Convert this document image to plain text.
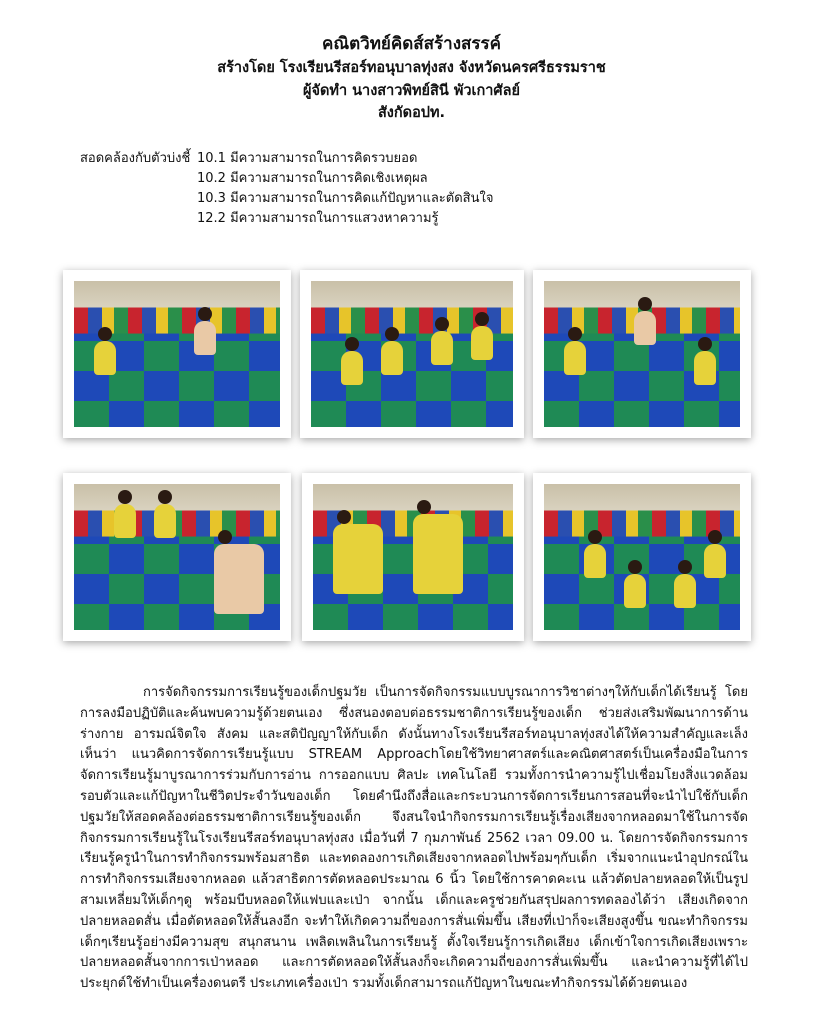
คณิตวิทย์คิดส์สร้างสรรค์
สร้างโดย โรงเรียนรีสอร์ทอนุบาลทุ่งสง จังหวัดนครศรีธรรมราช
ผู้จัดทำ นางสาวพิทย์สินี พัวเกาศัลย์
สังกัดอปท.
สอดคล้องกับตัวบ่งชี้ 10.1 มีความสามารถในการคิดรวบยอด
10.2 มีความสามารถในการคิดเชิงเหตุผล
10.3 มีความสามารถในการคิดแก้ปัญหาและตัดสินใจ
12.2 มีความสามารถในการแสวงหาความรู้
การจัดกิจกรรมการเรียนรู้ของเด็กปฐมวัย เป็นการจัดกิจกรรมแบบบูรณาการวิชาต่างๆให้กับเด็กได้เรียนรู้ โดย
การลงมือปฏิบัติและค้นพบความรู้ด้วยตนเอง ซึ่งสนองตอบต่อธรรมชาติการเรียนรู้ของเด็ก ช่วยส่งเสริมพัฒนาการด้าน
ร่างกาย อารมณ์จิตใจ สังคม และสติปัญญาให้กับเด็ก ดังนั้นทางโรงเรียนรีสอร์ทอนุบาลทุ่งสงได้ให้ความสำคัญและเล็ง
เห็นว่า แนวคิดการจัดการเรียนรู้แบบ STREAM Approachโดยใช้วิทยาศาสตร์และคณิตศาสตร์เป็นเครื่องมือในการ
จัดการเรียนรู้มาบูรณาการร่วมกับการอ่าน การออกแบบ ศิลปะ เทคโนโลยี รวมทั้งการนำความรู้ไปเชื่อมโยงสิ่งแวดล้อม
รอบตัวและแก้ปัญหาในชีวิตประจำวันของเด็ก โดยคำนึงถึงสื่อและกระบวนการจัดการเรียนการสอนที่จะนำไปใช้กับเด็ก
ปฐมวัยให้สอดคล้องต่อธรรมชาติการเรียนรู้ของเด็ก จึงสนใจนำกิจกรรมการเรียนรู้เรื่องเสียงจากหลอดมาใช้ในการจัด
กิจกรรมการเรียนรู้ในโรงเรียนรีสอร์ทอนุบาลทุ่งสง เมื่อวันที่ 7 กุมภาพันธ์ 2562 เวลา 09.00 น. โดยการจัดกิจกรรมการ
เรียนรู้ครูนำในการทำกิจกรรมพร้อมสาธิต และทดลองการเกิดเสียงจากหลอดไปพร้อมๆกับเด็ก เริ่มจากแนะนำอุปกรณ์ใน
การทำกิจกรรมเสียงจากหลอด แล้วสาธิตการตัดหลอดประมาณ 6 นิ้ว โดยใช้การคาดคะเน แล้วตัดปลายหลอดให้เป็นรูป
สามเหลี่ยมให้เด็กๆดู พร้อมบีบหลอดให้แฟบและเป่า จากนั้น เด็กและครูช่วยกันสรุปผลการทดลองได้ว่า เสียงเกิดจาก
ปลายหลอดสั่น เมื่อตัดหลอดให้สั้นลงอีก จะทำให้เกิดความถี่ของการสั่นเพิ่มขึ้น เสียงที่เป่าก็จะเสียงสูงขึ้น ขณะทำกิจกรรม
เด็กๆเรียนรู้อย่างมีความสุข สนุกสนาน เพลิดเพลินในการเรียนรู้ ตั้งใจเรียนรู้การเกิดเสียง เด็กเข้าใจการเกิดเสียงเพราะ
ปลายหลอดสั้นจากการเป่าหลอด และการตัดหลอดให้สั้นลงก็จะเกิดความถี่ของการสั่นเพิ่มขึ้น และนำความรู้ที่ได้ไป
ประยุกต์ใช้ทำเป็นเครื่องดนตรี ประเภทเครื่องเป่า รวมทั้งเด็กสามารถแก้ปัญหาในขณะทำกิจกรรมได้ด้วยตนเอง
